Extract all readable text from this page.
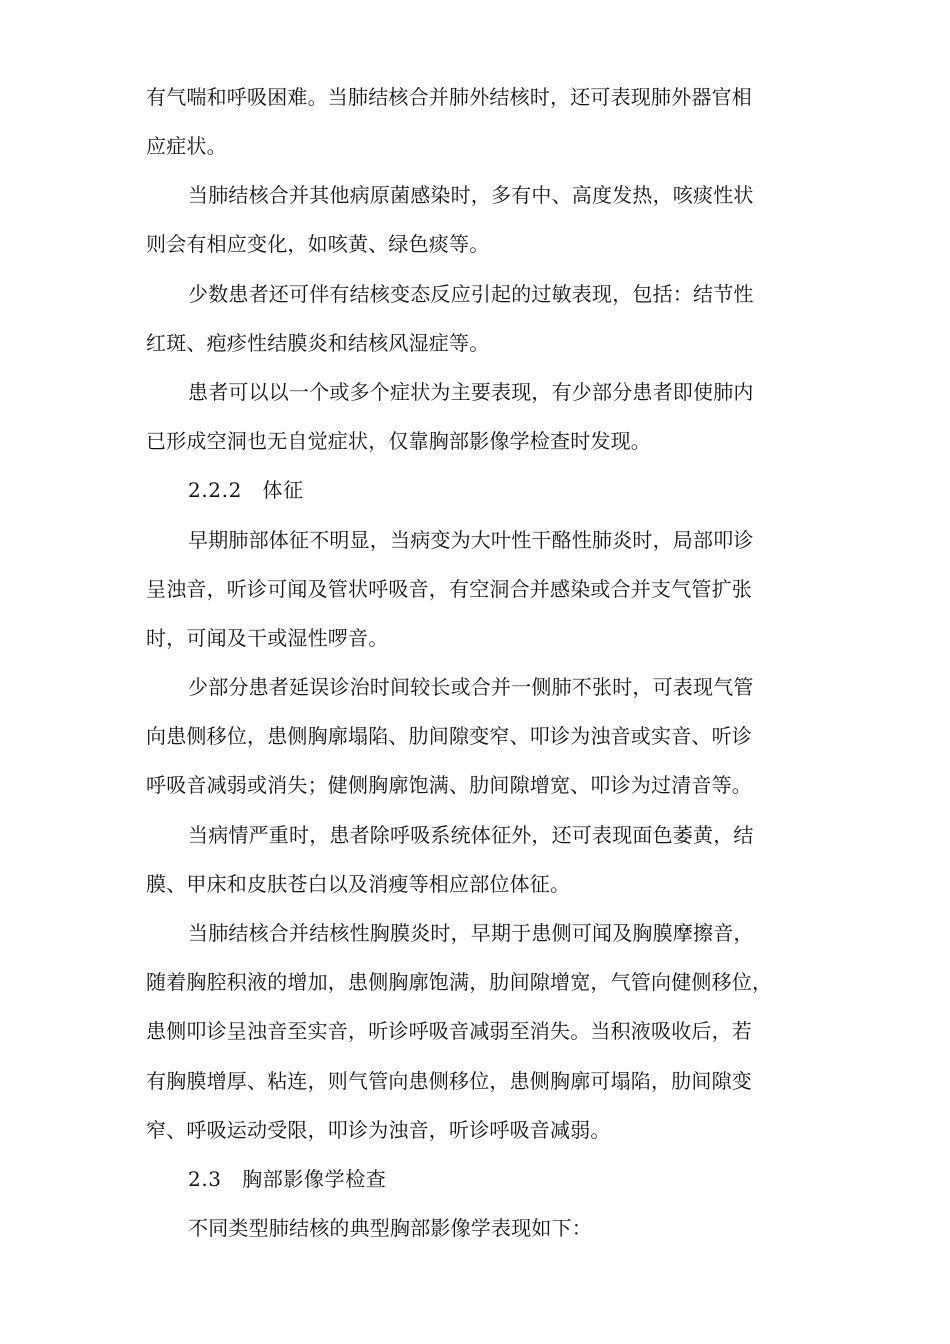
有气喘和呼吸困难。当肺结核合并肺外结核时，还可表现肺外器官相
应症状。
当肺结核合并其他病原菌感染时，多有中、高度发热，咳痰性状
则会有相应变化，如咳黄、绿色痰等。
少数患者还可伴有结核变态反应引起的过敏表现，包括：结节性
红斑、疱疹性结膜炎和结核风湿症等。
患者可以以一个或多个症状为主要表现，有少部分患者即使肺内
已形成空洞也无自觉症状，仅靠胸部影像学检查时发现。
2.2.2　体征
早期肺部体征不明显，当病变为大叶性干酪性肺炎时，局部叩诊
呈浊音，听诊可闻及管状呼吸音，有空洞合并感染或合并支气管扩张
时，可闻及干或湿性啰音。
少部分患者延误诊治时间较长或合并一侧肺不张时，可表现气管
向患侧移位，患侧胸廓塌陷、肋间隙变窄、叩诊为浊音或实音、听诊
呼吸音减弱或消失；健侧胸廓饱满、肋间隙增宽、叩诊为过清音等。
当病情严重时，患者除呼吸系统体征外，还可表现面色萎黄，结
膜、甲床和皮肤苍白以及消瘦等相应部位体征。
当肺结核合并结核性胸膜炎时，早期于患侧可闻及胸膜摩擦音，
随着胸腔积液的增加，患侧胸廓饱满，肋间隙增宽，气管向健侧移位，
患侧叩诊呈浊音至实音，听诊呼吸音减弱至消失。当积液吸收后，若
有胸膜增厚、粘连，则气管向患侧移位，患侧胸廓可塌陷，肋间隙变
窄、呼吸运动受限，叩诊为浊音，听诊呼吸音减弱。
2.3　胸部影像学检查
不同类型肺结核的典型胸部影像学表现如下：
